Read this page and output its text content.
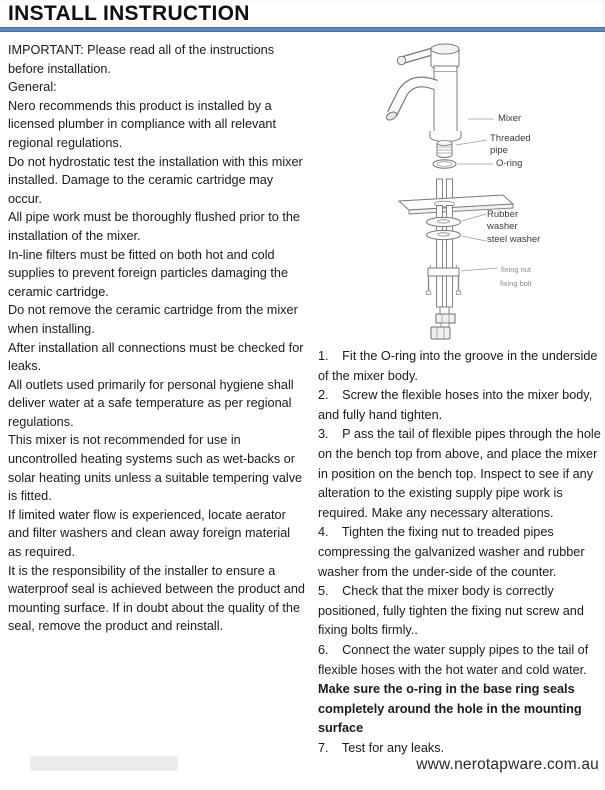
INSTALL INSTRUCTION

IMPORTANT: Please read all of the instructions before installation.

General:

Nero recommends this product is installed by a licensed plumber in compliance with all relevant regional regulations.

Do not hydrostatic test the installation with this mixer installed. Damage to the ceramic cartridge may occur.

All pipe work must be thoroughly flushed prior to the installation of the mixer.

In-line filters must be fitted on both hot and cold supplies to prevent foreign particles damaging the ceramic cartridge.

Do not remove the ceramic cartridge from the mixer when installing.

After installation all connections must be checked for leaks.

All outlets used primarily for personal hygiene shall deliver water at a safe temperature as per regional regulations.

This mixer is not recommended for use in uncontrolled heating systems such as wet-backs or solar heating units unless a suitable tempering valve is fitted.

If limited water flow is experienced, locate aerator and filter washers and clean away foreign material as required.

It is the responsibility of the installer to ensure a waterproof seal is achieved between the product and mounting surface. If in doubt about the quality of the seal, remove the product and reinstall.

Mixer
Threaded pipe
O-ring
Rubber washer
steel washer
fixing nut
fixing bolt

1. Fit the O-ring into the groove in the underside of the mixer body.

2. Screw the flexible hoses into the mixer body, and fully hand tighten.

3. P ass the tail of flexible pipes through the hole on the bench top from above, and place the mixer in position on the bench top. Inspect to see if any alteration to the existing supply pipe work is required. Make any necessary alterations.

4. Tighten the fixing nut to treaded pipes compressing the galvanized washer and rubber washer from the under-side of the counter.

5. Check that the mixer body is correctly positioned, fully tighten the fixing nut screw and fixing bolts firmly..

6. Connect the water supply pipes to the tail of flexible hoses with the hot water and cold water. Make sure the o-ring in the base ring seals completely around the hole in the mounting surface

7. Test for any leaks.

www.nerotapware.com.au
